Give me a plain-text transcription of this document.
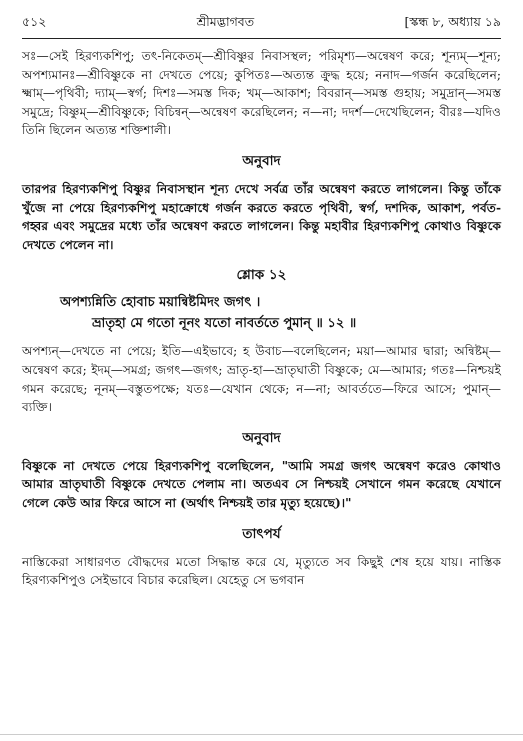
৫১২	শ্রীমদ্ভাগবত	[স্কন্ধ ৮, অধ্যায় ১৯

সঃ—সেই হিরণ্যকশিপু; তৎ-নিকেতম্—শ্রীবিষ্ণুর নিবাসস্থল; পরিমৃশ্য—অন্বেষণ করে; শূন্যম্—শূন্য; অপশ্যমানঃ—শ্রীবিষ্ণুকে না দেখতে পেয়ে; কুপিতঃ—অত্যন্ত ক্রুদ্ধ হয়ে; ননাদ—গর্জন করেছিলেন; ক্ষ্মাম্—পৃথিবী; দ্যাম্—স্বর্গ; দিশঃ—সমস্ত দিক; খম্—আকাশ; বিবরান্—সমস্ত গুহায়; সমুদ্রান্—সমস্ত সমুদ্রে; বিষ্ণুম্—শ্রীবিষ্ণুকে; বিচিন্বন্—অন্বেষণ করেছিলেন; ন—না; দদর্শ—দেখেছিলেন; বীরঃ—যদিও তিনি ছিলেন অত্যন্ত শক্তিশালী।

অনুবাদ

তারপর হিরণ্যকশিপু বিষ্ণুর নিবাসস্থান শূন্য দেখে সর্বত্র তাঁর অন্বেষণ করতে লাগলেন। কিন্তু তাঁকে খুঁজে না পেয়ে হিরণ্যকশিপু মহাক্রোধে গর্জন করতে করতে পৃথিবী, স্বর্গ, দশদিক, আকাশ, পর্বত-গহ্বর এবং সমুদ্রের মধ্যে তাঁর অন্বেষণ করতে লাগলেন। কিন্তু মহাবীর হিরণ্যকশিপু কোথাও বিষ্ণুকে দেখতে পেলেন না।

শ্লোক ১২
অপশ্যন্নিতি হোবাচ ময়ান্বিষ্টমিদং জগৎ ।
ভ্রাতৃহা মে গতো নূনং যতো নাবর্ততে পুমান্ ॥ ১২ ॥

অপশ্যন্—দেখতে না পেয়ে; ইতি—এইভাবে; হ উবাচ—বলেছিলেন; ময়া—আমার দ্বারা; অন্বিষ্টম্—অন্বেষণ করে; ইদম্—সমগ্র; জগৎ—জগৎ; ভ্রাতৃ-হা—ভ্রাতৃঘাতী বিষ্ণুকে; মে—আমার; গতঃ—নিশ্চয়ই গমন করেছে; নূনম্—বস্তুতপক্ষে; যতঃ—যেখান থেকে; ন—না; আবর্ততে—ফিরে আসে; পুমান্—ব্যক্তি।

অনুবাদ

বিষ্ণুকে না দেখতে পেয়ে হিরণ্যকশিপু বলেছিলেন, "আমি সমগ্র জগৎ অন্বেষণ করেও কোথাও আমার ভ্রাতৃঘাতী বিষ্ণুকে দেখতে পেলাম না। অতএব সে নিশ্চয়ই সেখানে গমন করেছে যেখানে গেলে কেউ আর ফিরে আসে না (অর্থাৎ নিশ্চয়ই তার মৃত্যু হয়েছে)।"

তাৎপর্য

নাস্তিকেরা সাধারণত বৌদ্ধদের মতো সিদ্ধান্ত করে যে, মৃত্যুতে সব কিছুই শেষ হয়ে যায়। নাস্তিক হিরণ্যকশিপুও সেইভাবে বিচার করেছিল। যেহেতু সে ভগবান
